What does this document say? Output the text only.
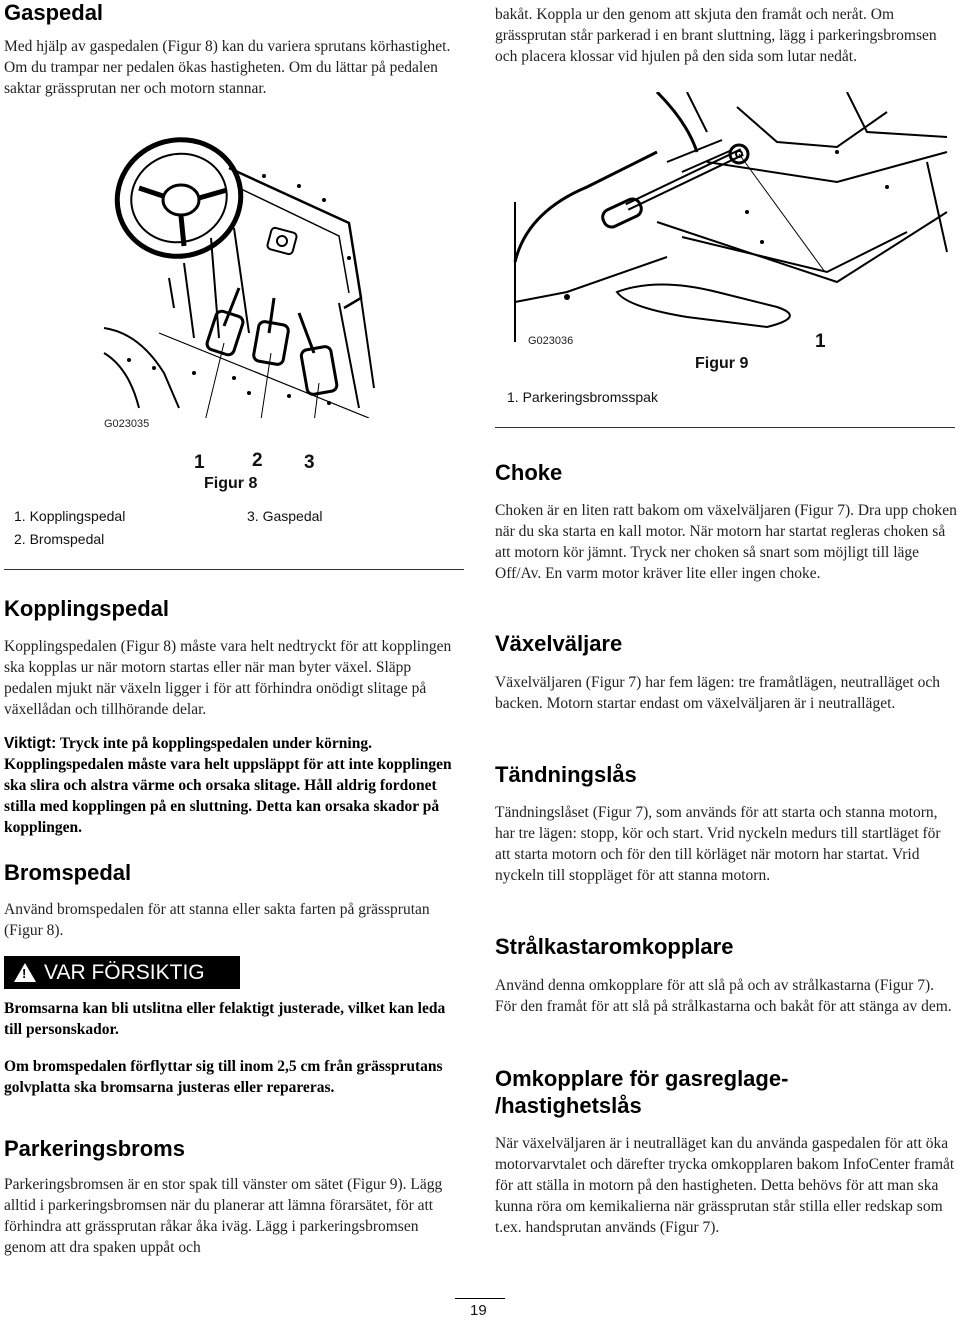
Gaspedal

Med hjälp av gaspedalen (Figur 8) kan du variera sprutans körhastighet. Om du trampar ner pedalen ökas hastigheten. Om du lättar på pedalen saktar grässprutan ner och motorn stannar.

G023035
1 2 3
Figur 8
1. Kopplingspedal
2. Bromspedal
3. Gaspedal
Kopplingspedal

Kopplingspedalen (Figur 8) måste vara helt nedtryckt för att kopplingen ska kopplas ur när motorn startas eller när man byter växel. Släpp pedalen mjukt när växeln ligger i för att förhindra onödigt slitage på växellådan och tillhörande delar.

Viktigt: Tryck inte på kopplingspedalen under körning. Kopplingspedalen måste vara helt uppsläppt för att inte kopplingen ska slira och alstra värme och orsaka slitage. Håll aldrig fordonet stilla med kopplingen på en sluttning. Detta kan orsaka skador på kopplingen.

Bromspedal

Använd bromspedalen för att stanna eller sakta farten på grässprutan (Figur 8).

! VAR FÖRSIKTIG

Bromsarna kan bli utslitna eller felaktigt justerade, vilket kan leda till personskador.

Om bromspedalen förflyttar sig till inom 2,5 cm från grässprutans golvplatta ska bromsarna justeras eller repareras.

Parkeringsbroms

Parkeringsbromsen är en stor spak till vänster om sätet (Figur 9). Lägg alltid i parkeringsbromsen när du planerar att lämna förarsätet, för att förhindra att grässprutan råkar åka iväg. Lägg i parkeringsbromsen genom att dra spaken uppåt och

bakåt. Koppla ur den genom att skjuta den framåt och neråt. Om grässprutan står parkerad i en brant sluttning, lägg i parkeringsbromsen och placera klossar vid hjulen på den sida som lutar nedåt.

G023036	1
Figur 9
1. Parkeringsbromsspak
Choke

Choken är en liten ratt bakom om växelväljaren (Figur 7). Dra upp choken när du ska starta en kall motor. När motorn har startat regleras choken så att motorn kör jämnt. Tryck ner choken så snart som möjligt till läge Off/Av. En varm motor kräver lite eller ingen choke.

Växelväljare

Växelväljaren (Figur 7) har fem lägen: tre framåtlägen, neutralläget och backen. Motorn startar endast om växelväljaren är i neutralläget.

Tändningslås

Tändningslåset (Figur 7), som används för att starta och stanna motorn, har tre lägen: stopp, kör och start. Vrid nyckeln medurs till startläget för att starta motorn och för den till körläget när motorn har startat. Vrid nyckeln till stoppläget för att stanna motorn.

Strålkastaromkopplare

Använd denna omkopplare för att slå på och av strålkastarna (Figur 7). För den framåt för att slå på strålkastarna och bakåt för att stänga av dem.

Omkopplare för gasreglage-
/hastighetslås

När växelväljaren är i neutralläget kan du använda gaspedalen för att öka motorvarvtalet och därefter trycka omkopplaren bakom InfoCenter framåt för att ställa in motorn på den hastigheten. Detta behövs för att man ska kunna röra om kemikalierna när grässprutan står stilla eller redskap som t.ex. handsprutan används (Figur 7).

19
